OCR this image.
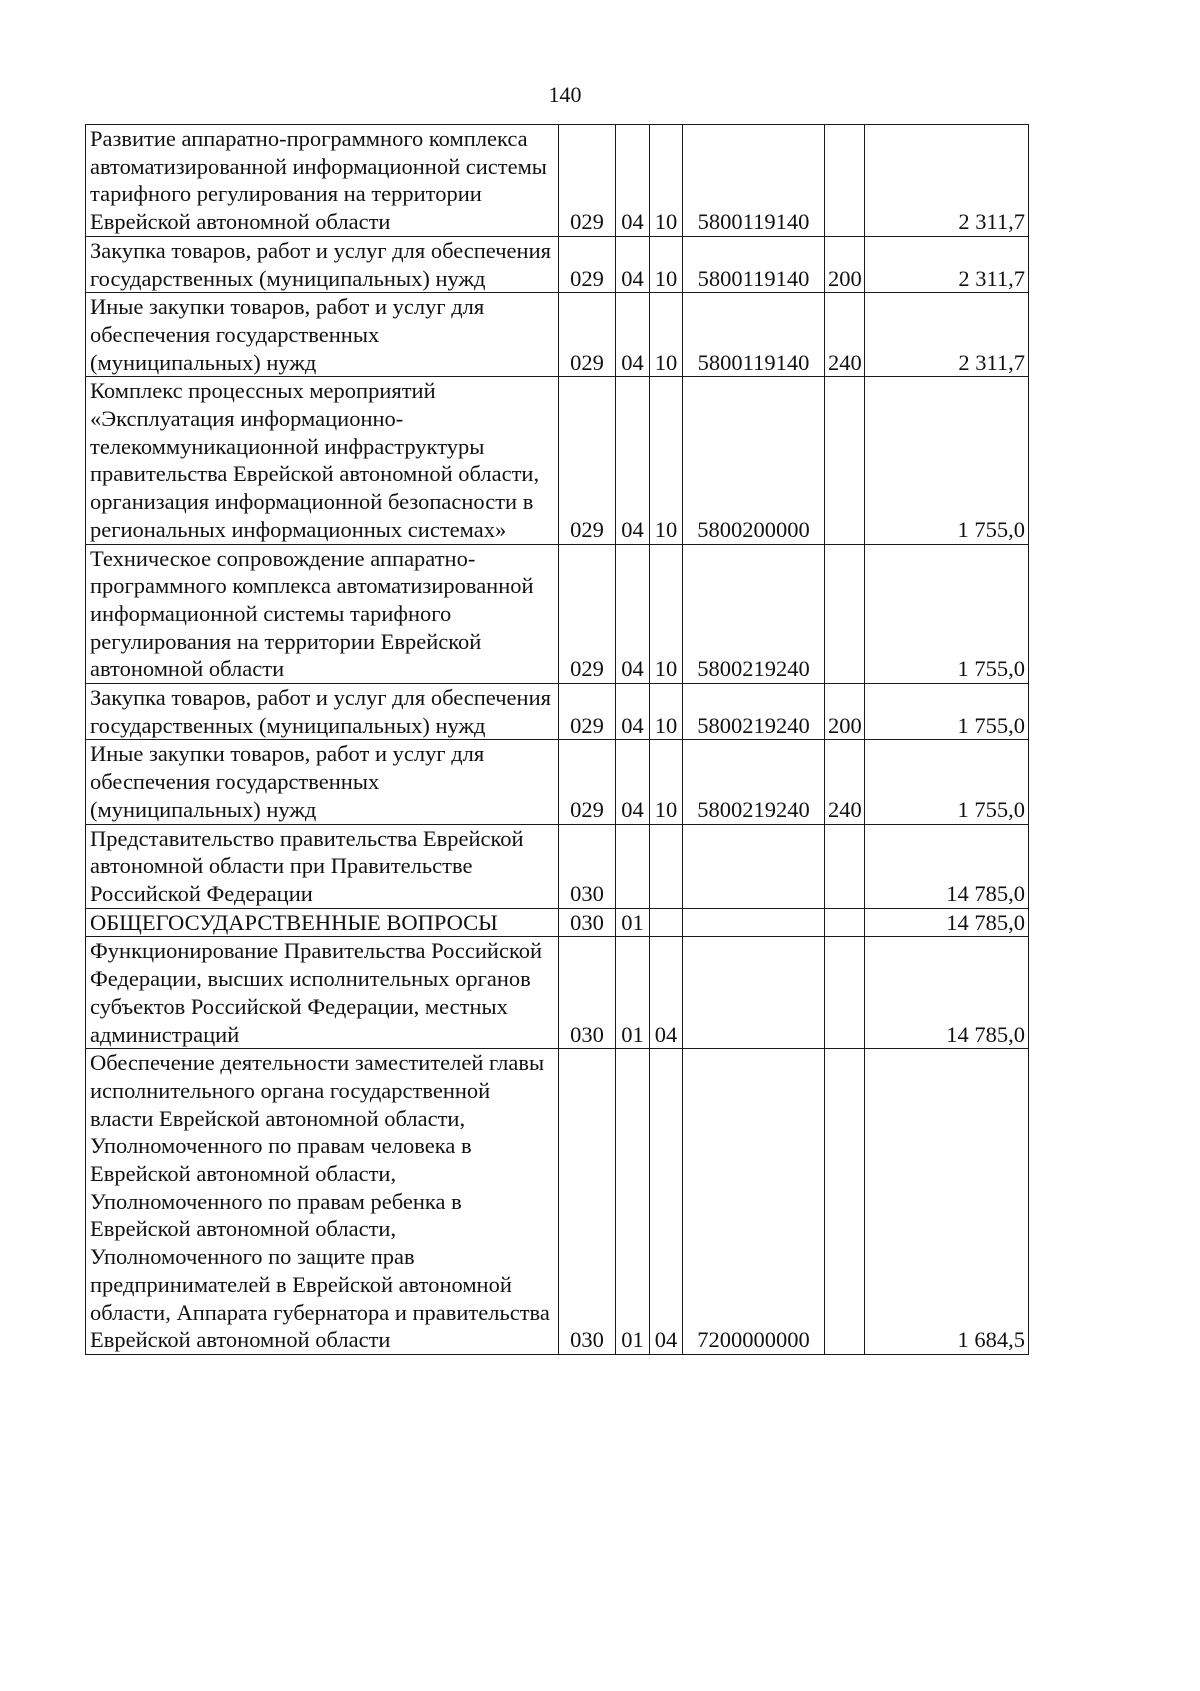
140
Развитие аппаратно-программного комплекса автоматизированной информационной системы тарифного регулирования на территории Еврейской автономной области	029	04	10	5800119140		2 311,7
Закупка товаров, работ и услуг для обеспечения государственных (муниципальных) нужд	029	04	10	5800119140	200	2 311,7
Иные закупки товаров, работ и услуг для обеспечения государственных (муниципальных) нужд	029	04	10	5800119140	240	2 311,7
Комплекс процессных мероприятий «Эксплуатация информационно-телекоммуникационной инфраструктуры правительства Еврейской автономной области, организация информационной безопасности в региональных информационных системах»	029	04	10	5800200000		1 755,0
Техническое сопровождение аппаратно-программного комплекса автоматизированной информационной системы тарифного регулирования на территории Еврейской автономной области	029	04	10	5800219240		1 755,0
Закупка товаров, работ и услуг для обеспечения государственных (муниципальных) нужд	029	04	10	5800219240	200	1 755,0
Иные закупки товаров, работ и услуг для обеспечения государственных (муниципальных) нужд	029	04	10	5800219240	240	1 755,0
Представительство правительства Еврейской автономной области при Правительстве Российской Федерации	030					14 785,0
ОБЩЕГОСУДАРСТВЕННЫЕ ВОПРОСЫ	030	01				14 785,0
Функционирование Правительства Российской Федерации, высших исполнительных органов субъектов Российской Федерации, местных администраций	030	01	04			14 785,0
Обеспечение деятельности заместителей главы исполнительного органа государственной власти Еврейской автономной области, Уполномоченного по правам человека в Еврейской автономной области, Уполномоченного по правам ребенка в Еврейской автономной области, Уполномоченного по защите прав предпринимателей в Еврейской автономной области, Аппарата губернатора и правительства Еврейской автономной области	030	01	04	7200000000		1 684,5
